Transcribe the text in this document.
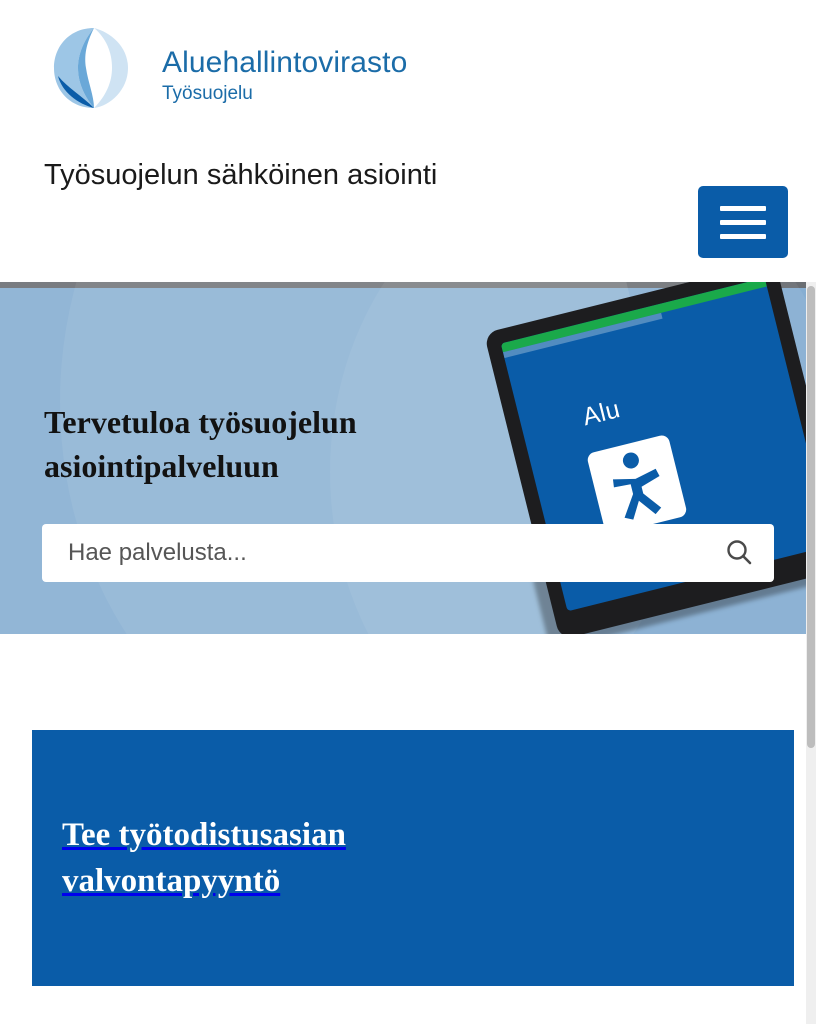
Aluehallintovirasto
Työsuojelu
Työsuojelun sähköinen asiointi
Alu
Tervetuloa työsuojelun asiointipalveluun
Hae palvelusta...
Tee työtodistusasian valvontapyyntö
